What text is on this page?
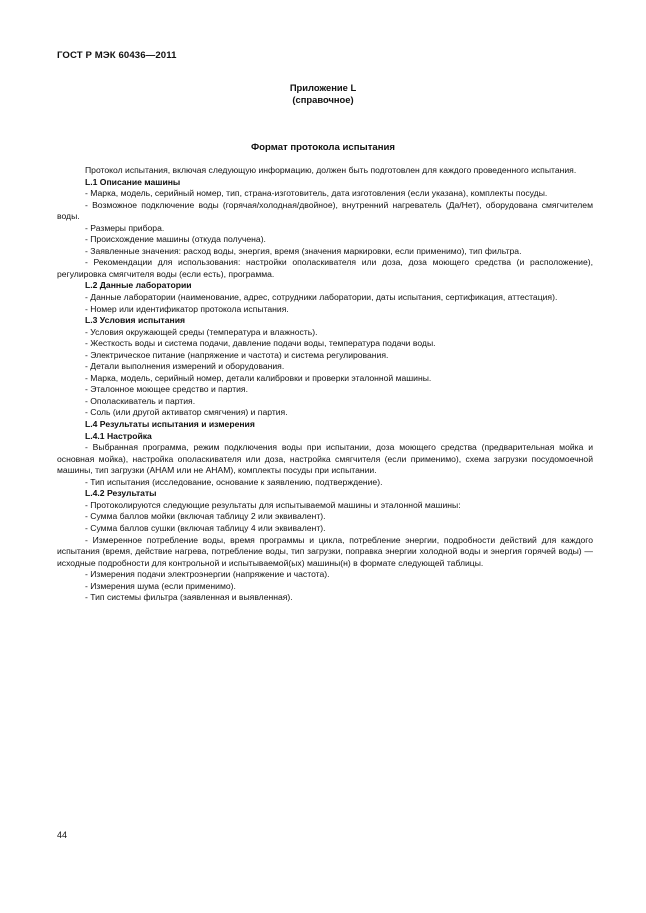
ГОСТ Р МЭК 60436—2011
Приложение L
(справочное)
Формат протокола испытания

Протокол испытания, включая следующую информацию, должен быть подготовлен для каждого проведенного испытания.

L.1 Описание машины

- Марка, модель, серийный номер, тип, страна-изготовитель, дата изготовления (если указана), комплекты посуды.

- Возможное подключение воды (горячая/холодная/двойное), внутренний нагреватель (Да/Нет), оборудована смягчителем воды.

- Размеры прибора.

- Происхождение машины (откуда получена).

- Заявленные значения: расход воды, энергия, время (значения маркировки, если применимо), тип фильтра.

- Рекомендации для использования: настройки ополаскивателя или доза, доза моющего средства (и расположение), регулировка смягчителя воды (если есть), программа.

L.2 Данные лаборатории

- Данные лаборатории (наименование, адрес, сотрудники лаборатории, даты испытания, сертификация, аттестация).

- Номер или идентификатор протокола испытания.

L.3 Условия испытания

- Условия окружающей среды (температура и влажность).

- Жесткость воды и система подачи, давление подачи воды, температура подачи воды.

- Электрическое питание (напряжение и частота) и система регулирования.

- Детали выполнения измерений и оборудования.

- Марка, модель, серийный номер, детали калибровки и проверки эталонной машины.

- Эталонное моющее средство и партия.

- Ополаскиватель и партия.

- Соль (или другой активатор смягчения) и партия.

L.4 Результаты испытания и измерения

L.4.1 Настройка

- Выбранная программа, режим подключения воды при испытании, доза моющего средства (предварительная мойка и основная мойка), настройка ополаскивателя или доза, настройка смягчителя (если применимо), схема загрузки посудомоечной машины, тип загрузки (АНАМ или не АНАМ), комплекты посуды при испытании.

- Тип испытания (исследование, основание к заявлению, подтверждение).

L.4.2 Результаты

- Протоколируются следующие результаты для испытываемой машины и эталонной машины:

- Сумма баллов мойки (включая таблицу 2 или эквивалент).

- Сумма баллов сушки (включая таблицу 4 или эквивалент).

- Измеренное потребление воды, время программы и цикла, потребление энергии, подробности действий для каждого испытания (время, действие нагрева, потребление воды, тип загрузки, поправка энергии холодной воды и энергия горячей воды) — исходные подробности для контрольной и испытываемой(ых) машины(н) в формате следующей таблицы.

- Измерения подачи электроэнергии (напряжение и частота).

- Измерения шума (если применимо).

- Тип системы фильтра (заявленная и выявленная).

44
